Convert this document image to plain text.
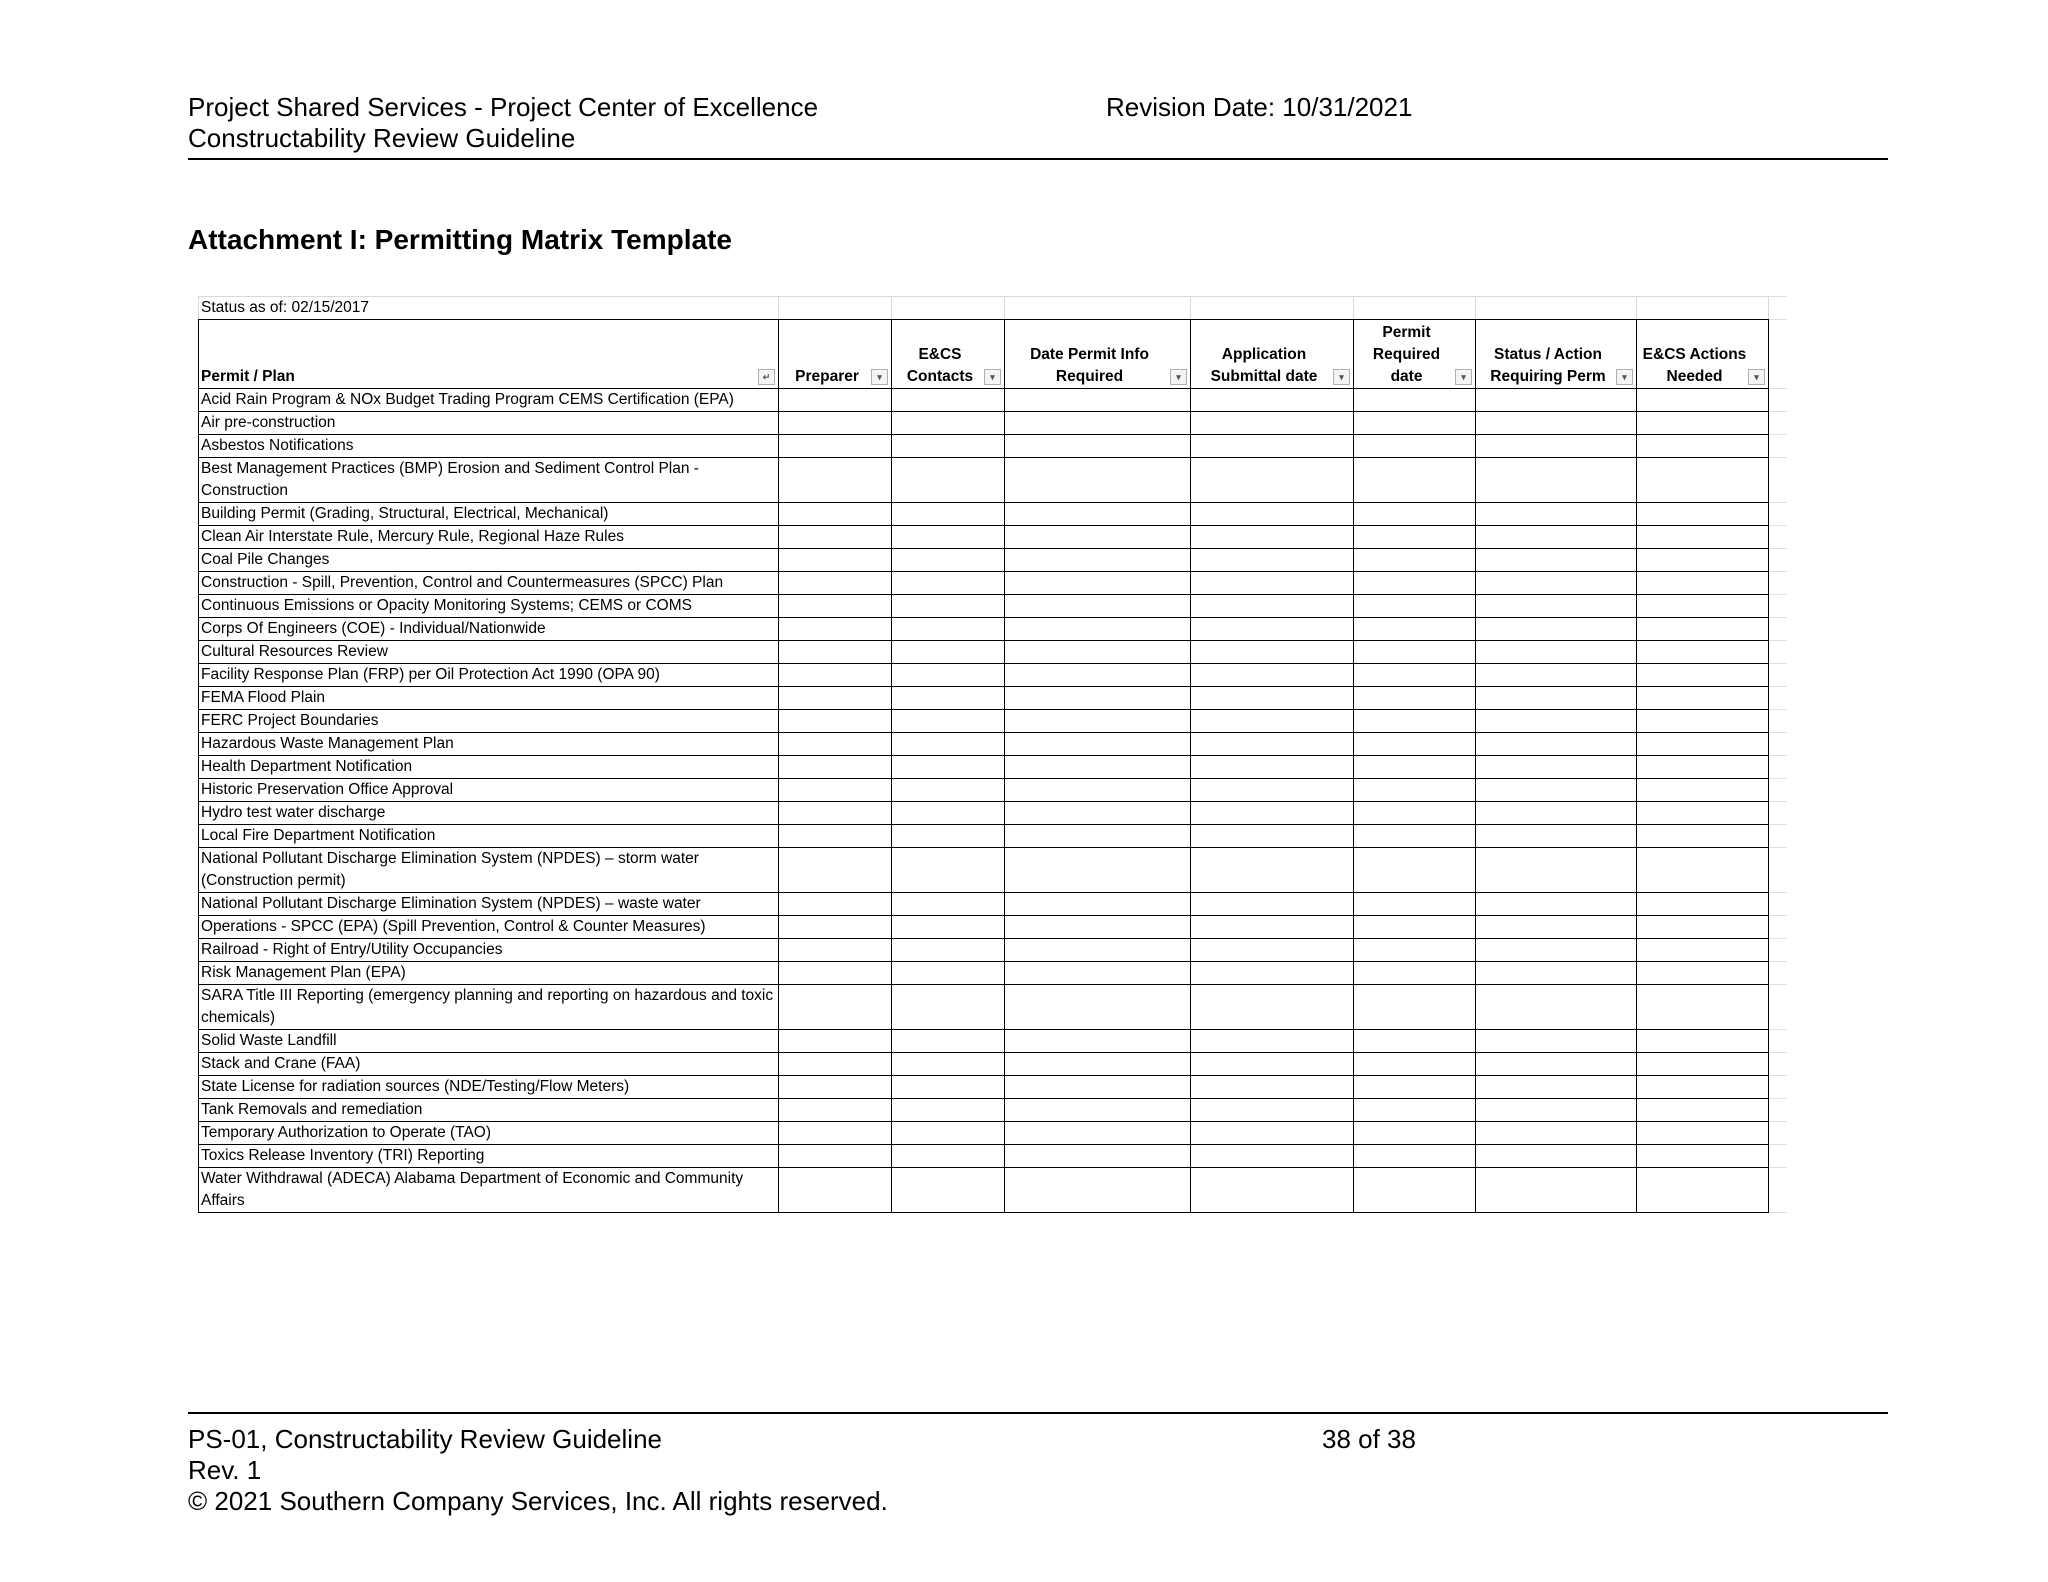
Project Shared Services - Project Center of Excellence
Constructability Review Guideline
Revision Date: 10/31/2021
Attachment I: Permitting Matrix Template
Status as of: 02/15/2017								
Permit / Plan ↵	Preparer ▾	E&CS Contacts ▾	Date Permit Info Required ▾	Application Submittal date ▾	Permit Required date ▾	Status / Action Requiring Perm ▾	E&CS Actions Needed ▾	

Acid Rain Program & NOx Budget Trading Program CEMS Certification (EPA)								
Air pre-construction								
Asbestos Notifications								
Best Management Practices (BMP) Erosion and Sediment Control Plan - Construction								
Building Permit (Grading, Structural, Electrical, Mechanical)								
Clean Air Interstate Rule, Mercury Rule, Regional Haze Rules								
Coal Pile Changes								
Construction - Spill, Prevention, Control and Countermeasures (SPCC) Plan								
Continuous Emissions or Opacity Monitoring Systems; CEMS or COMS								
Corps Of Engineers (COE) - Individual/Nationwide								
Cultural Resources Review								
Facility Response Plan (FRP) per Oil Protection Act 1990 (OPA 90)								
FEMA Flood Plain								
FERC Project Boundaries								
Hazardous Waste Management Plan								
Health Department Notification								
Historic Preservation Office Approval								
Hydro test water discharge								
Local Fire Department Notification								
National Pollutant Discharge Elimination System (NPDES) – storm water (Construction permit)								
National Pollutant Discharge Elimination System (NPDES) – waste water								
Operations - SPCC (EPA) (Spill Prevention, Control & Counter Measures)								
Railroad - Right of Entry/Utility Occupancies								
Risk Management Plan (EPA)								
SARA Title III Reporting (emergency planning and reporting on hazardous and toxic chemicals)								
Solid Waste Landfill								
Stack and Crane (FAA)								
State License for radiation sources (NDE/Testing/Flow Meters)								
Tank Removals and remediation								
Temporary Authorization to Operate (TAO)								
Toxics Release Inventory (TRI) Reporting								
Water Withdrawal (ADECA) Alabama Department of Economic and Community Affairs								
PS-01, Constructability Review Guideline
Rev. 1
© 2021 Southern Company Services, Inc. All rights reserved.
38 of 38
